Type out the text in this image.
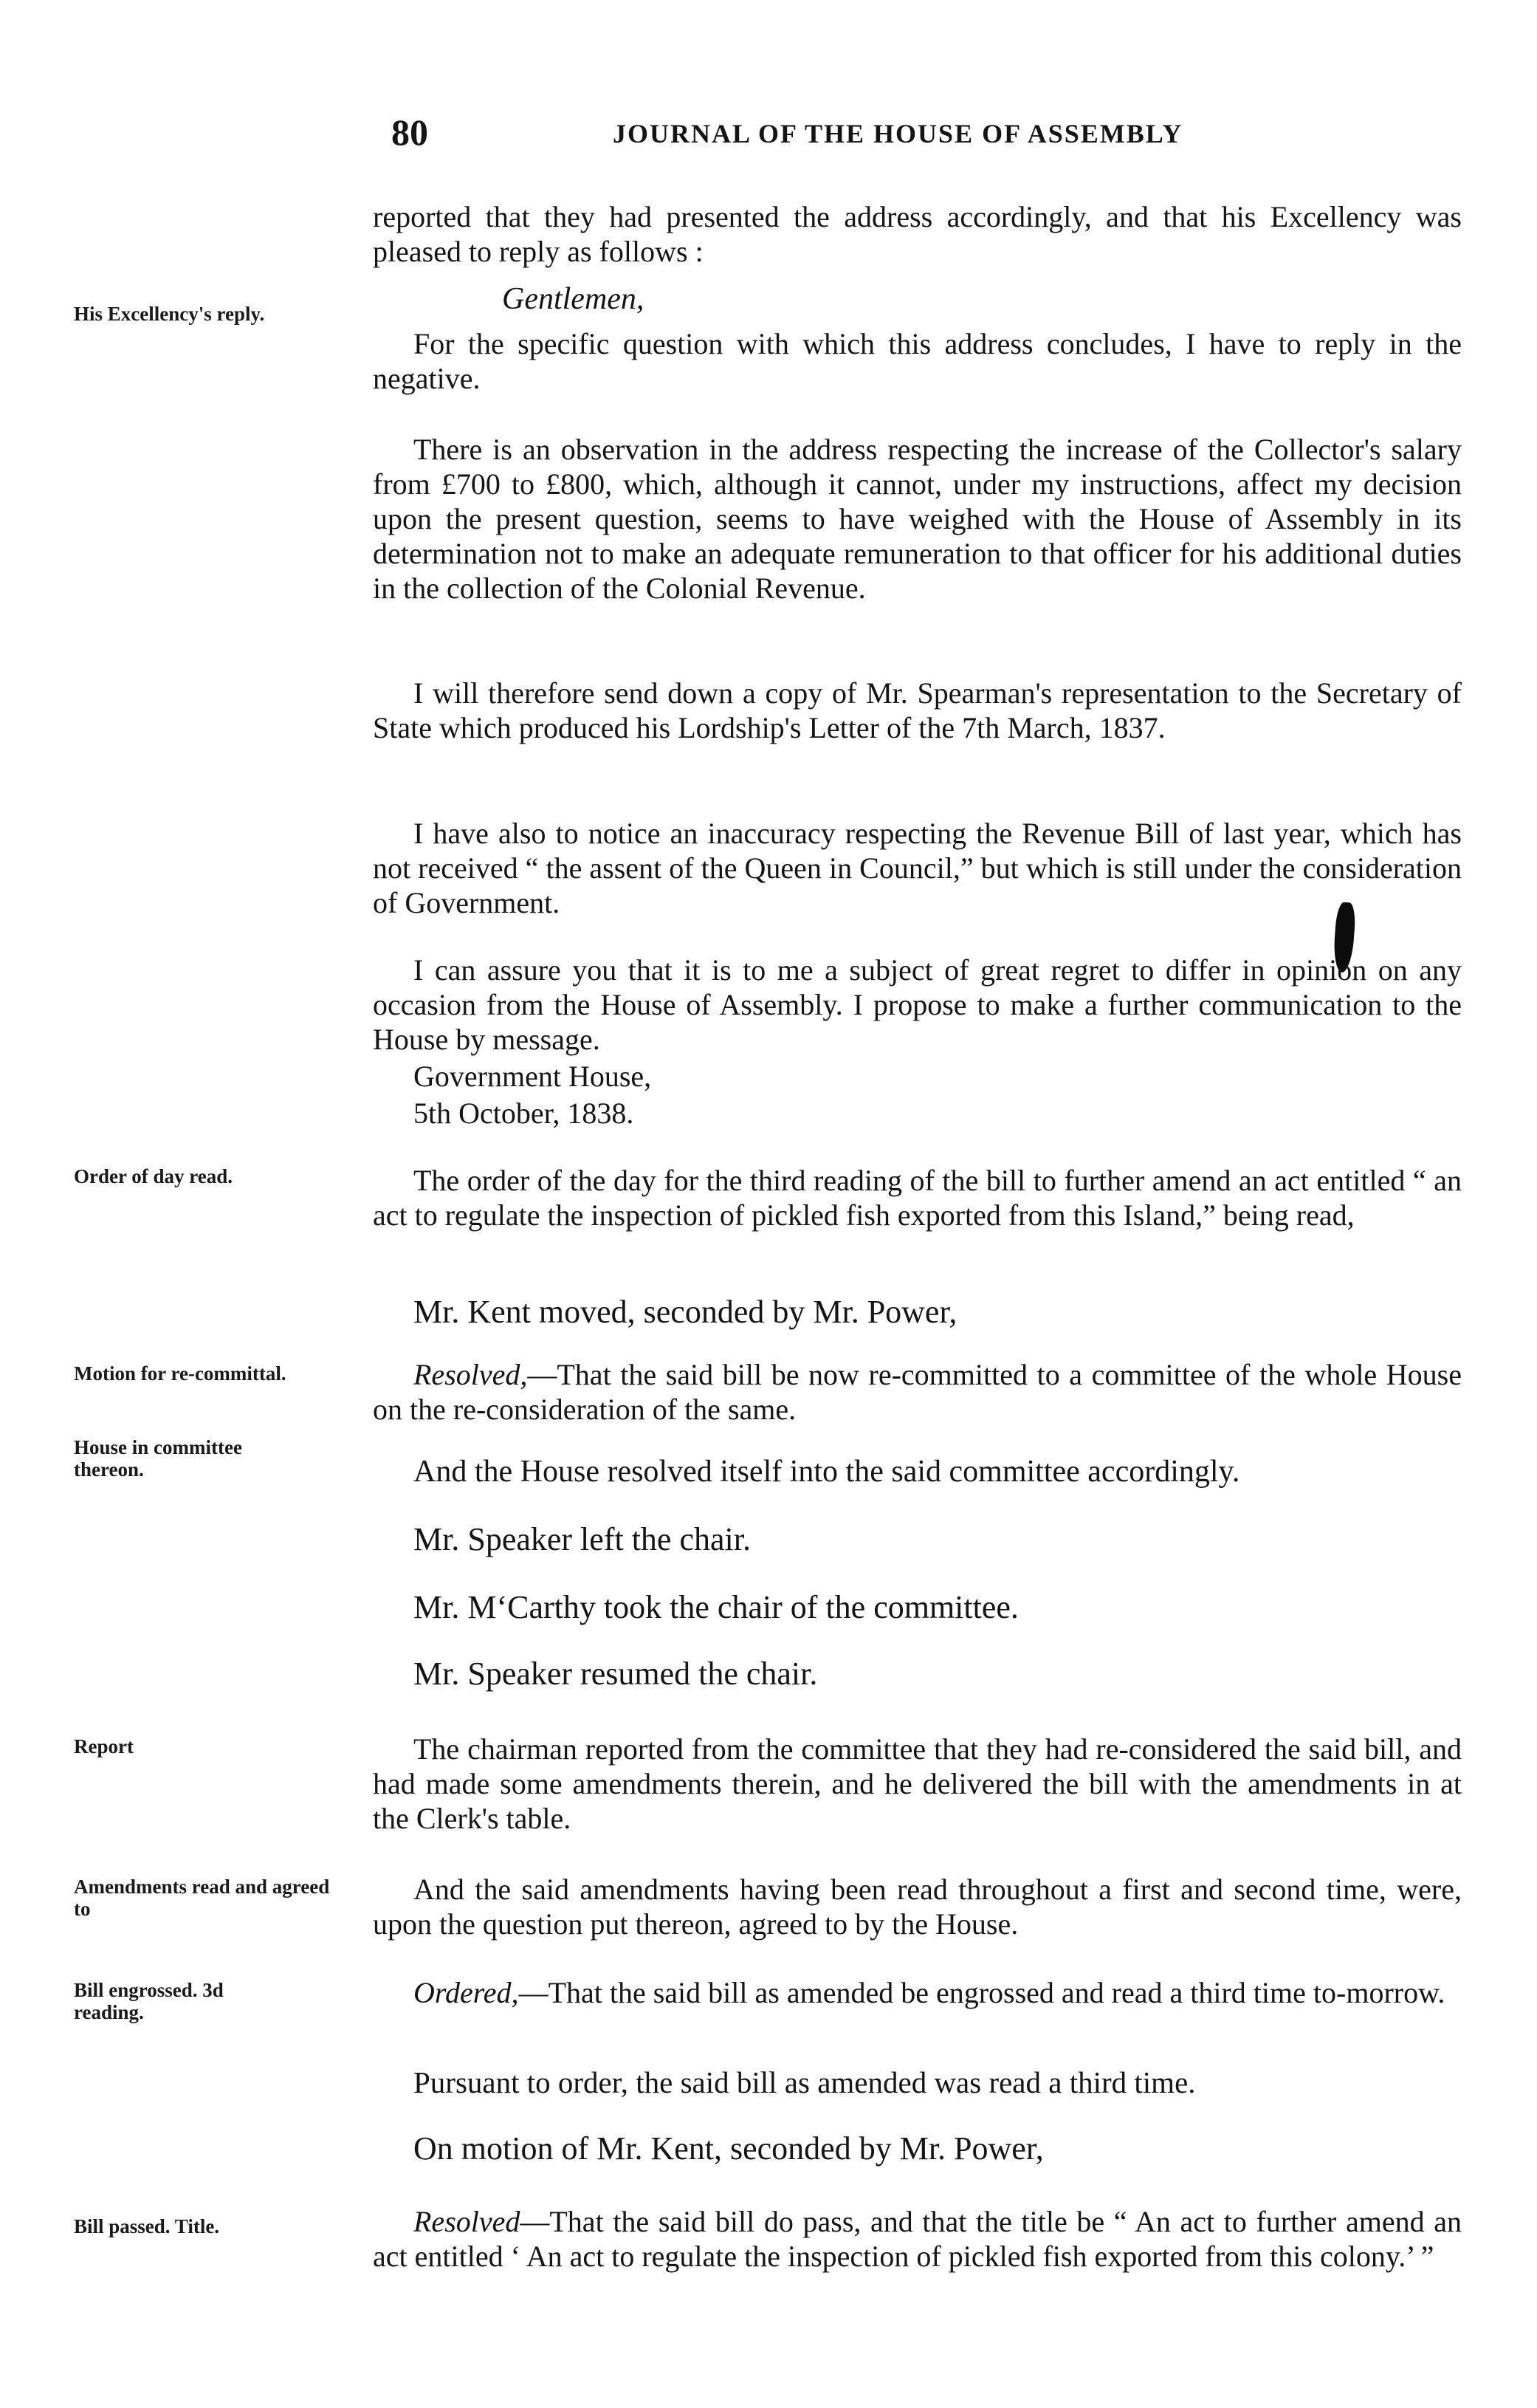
80	JOURNAL OF THE HOUSE OF ASSEMBLY
His Excellency's reply.
Order of day read.
Motion for re-committal.
House in committee thereon.
Report
Amendments read and agreed to
Bill engrossed. 3d reading.
Bill passed. Title.
reported that they had presented the address accordingly, and that his Excellency was pleased to reply as follows :
Gentlemen,
For the specific question with which this address concludes, I have to reply in the negative.
There is an observation in the address respecting the increase of the Collector's salary from £700 to £800, which, although it cannot, under my instructions, affect my decision upon the present question, seems to have weighed with the House of Assembly in its determination not to make an adequate remuneration to that officer for his additional duties in the collection of the Colonial Revenue.
I will therefore send down a copy of Mr. Spearman's representation to the Secretary of State which produced his Lordship's Letter of the 7th March, 1837.
I have also to notice an inaccuracy respecting the Revenue Bill of last year, which has not received “ the assent of the Queen in Council,” but which is still under the consideration of Government.
I can assure you that it is to me a subject of great regret to differ in opinion on any occasion from the House of Assembly. I propose to make a further communication to the House by message.
Government House,
5th October, 1838.
The order of the day for the third reading of the bill to further amend an act entitled “ an act to regulate the inspection of pickled fish exported from this Island,” being read,
Mr. Kent moved, seconded by Mr. Power,
Resolved,—That the said bill be now re-committed to a committee of the whole House on the re-consideration of the same.
And the House resolved itself into the said committee accordingly.
Mr. Speaker left the chair.
Mr. M‘Carthy took the chair of the committee.
Mr. Speaker resumed the chair.
The chairman reported from the committee that they had re-considered the said bill, and had made some amendments therein, and he delivered the bill with the amendments in at the Clerk's table.
And the said amendments having been read throughout a first and second time, were, upon the question put thereon, agreed to by the House.
Ordered,—That the said bill as amended be engrossed and read a third time to-morrow.
Pursuant to order, the said bill as amended was read a third time.
On motion of Mr. Kent, seconded by Mr. Power,
Resolved—That the said bill do pass, and that the title be “ An act to further amend an act entitled ‘ An act to regulate the inspection of pickled fish exported from this colony.’ ”
